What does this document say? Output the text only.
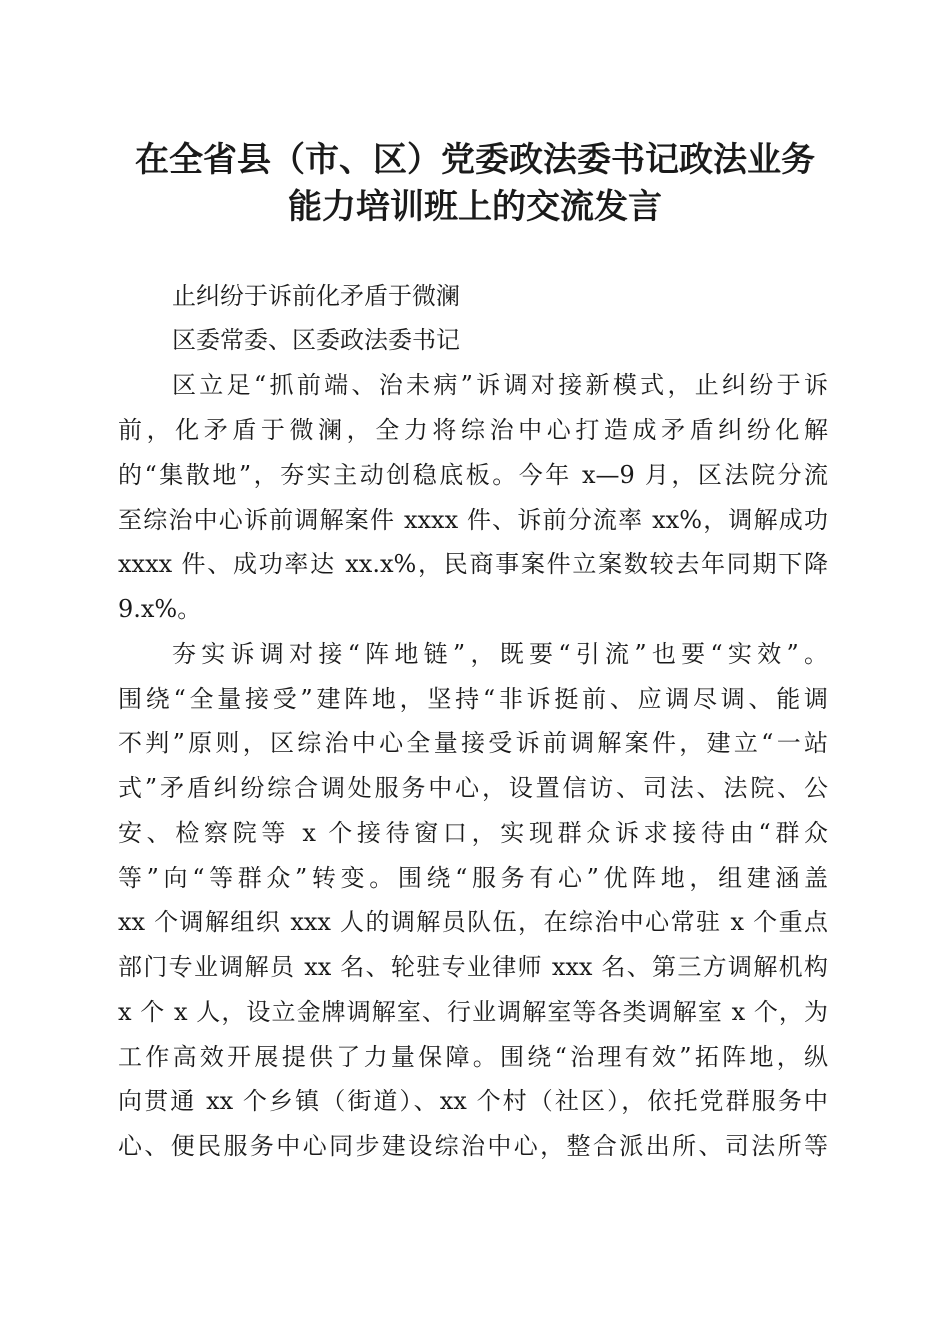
在全省县（市、区）党委政法委书记政法业务
能力培训班上的交流发言
止纠纷于诉前化矛盾于微澜
区委常委、区委政法委书记
区立足“抓前端、治未病”诉调对接新模式，止纠纷于诉
前，化矛盾于微澜，全力将综治中心打造成矛盾纠纷化解
的“集散地”，夯实主动创稳底板。今年 x—9 月，区法院分流
至综治中心诉前调解案件 xxxx 件、诉前分流率 xx%，调解成功
xxxx 件、成功率达 xx.x%，民商事案件立案数较去年同期下降
9.x%。
夯实诉调对接“阵地链”，既要“引流”也要“实效”。
围绕“全量接受”建阵地，坚持“非诉挺前、应调尽调、能调
不判”原则，区综治中心全量接受诉前调解案件，建立“一站
式”矛盾纠纷综合调处服务中心，设置信访、司法、法院、公
安、检察院等 x 个接待窗口，实现群众诉求接待由“群众
等”向“等群众”转变。围绕“服务有心”优阵地，组建涵盖
xx 个调解组织 xxx 人的调解员队伍，在综治中心常驻 x 个重点
部门专业调解员 xx 名、轮驻专业律师 xxx 名、第三方调解机构
x 个 x 人，设立金牌调解室、行业调解室等各类调解室 x 个，为
工作高效开展提供了力量保障。围绕“治理有效”拓阵地，纵
向贯通 xx 个乡镇（街道）、xx 个村（社区），依托党群服务中
心、便民服务中心同步建设综治中心，整合派出所、司法所等
